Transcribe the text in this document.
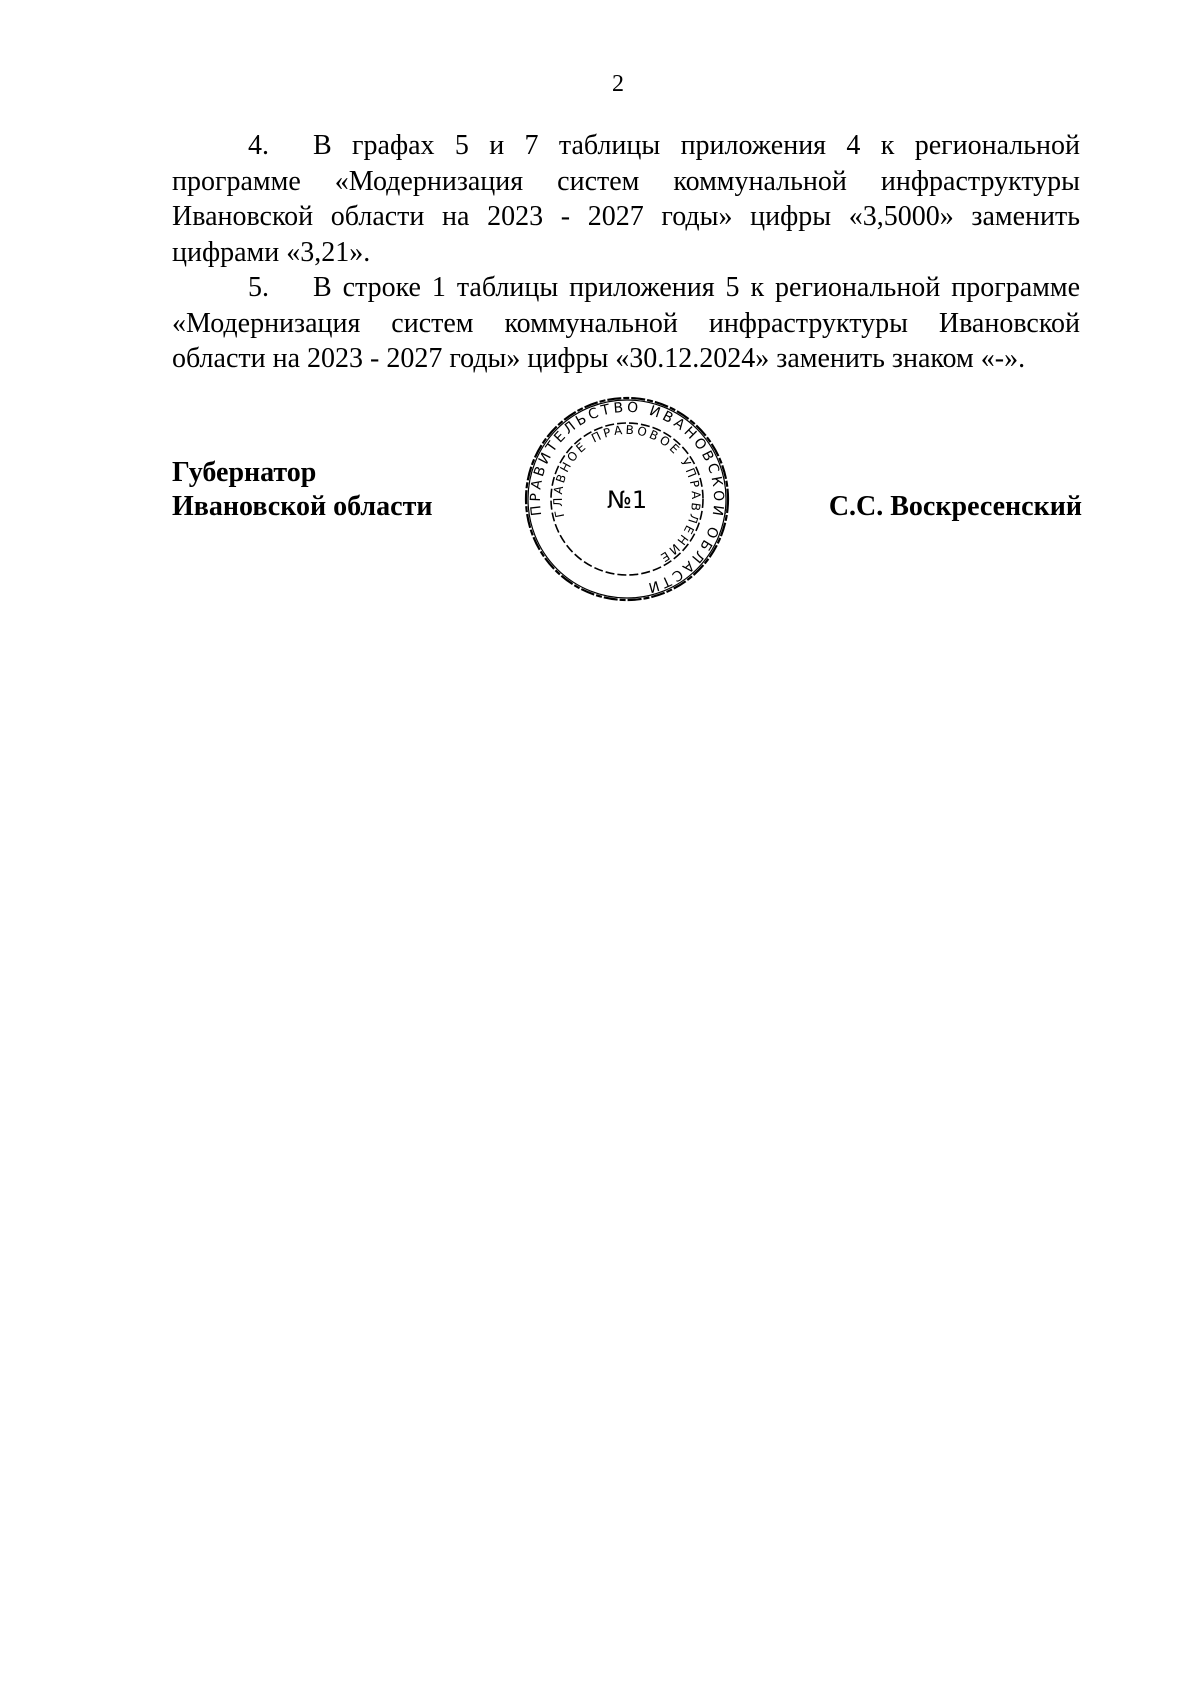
2

4. В графах 5 и 7 таблицы приложения 4 к региональной программе «Модернизация систем коммунальной инфраструктуры Ивановской области на 2023 - 2027 годы» цифры «3,5000» заменить цифрами «3,21».

5. В строке 1 таблицы приложения 5 к региональной программе «Модернизация систем коммунальной инфраструктуры Ивановской области на 2023 - 2027 годы» цифры «30.12.2024» заменить знаком «-».

Губернатор
Ивановской области	С.С. Воскресенский
ПРАВИТЕЛЬСТВО ИВАНОВСКОЙ ОБЛАСТИ
ГЛАВНОЕ ПРАВОВОЕ УПРАВЛЕНИЕ
№1
